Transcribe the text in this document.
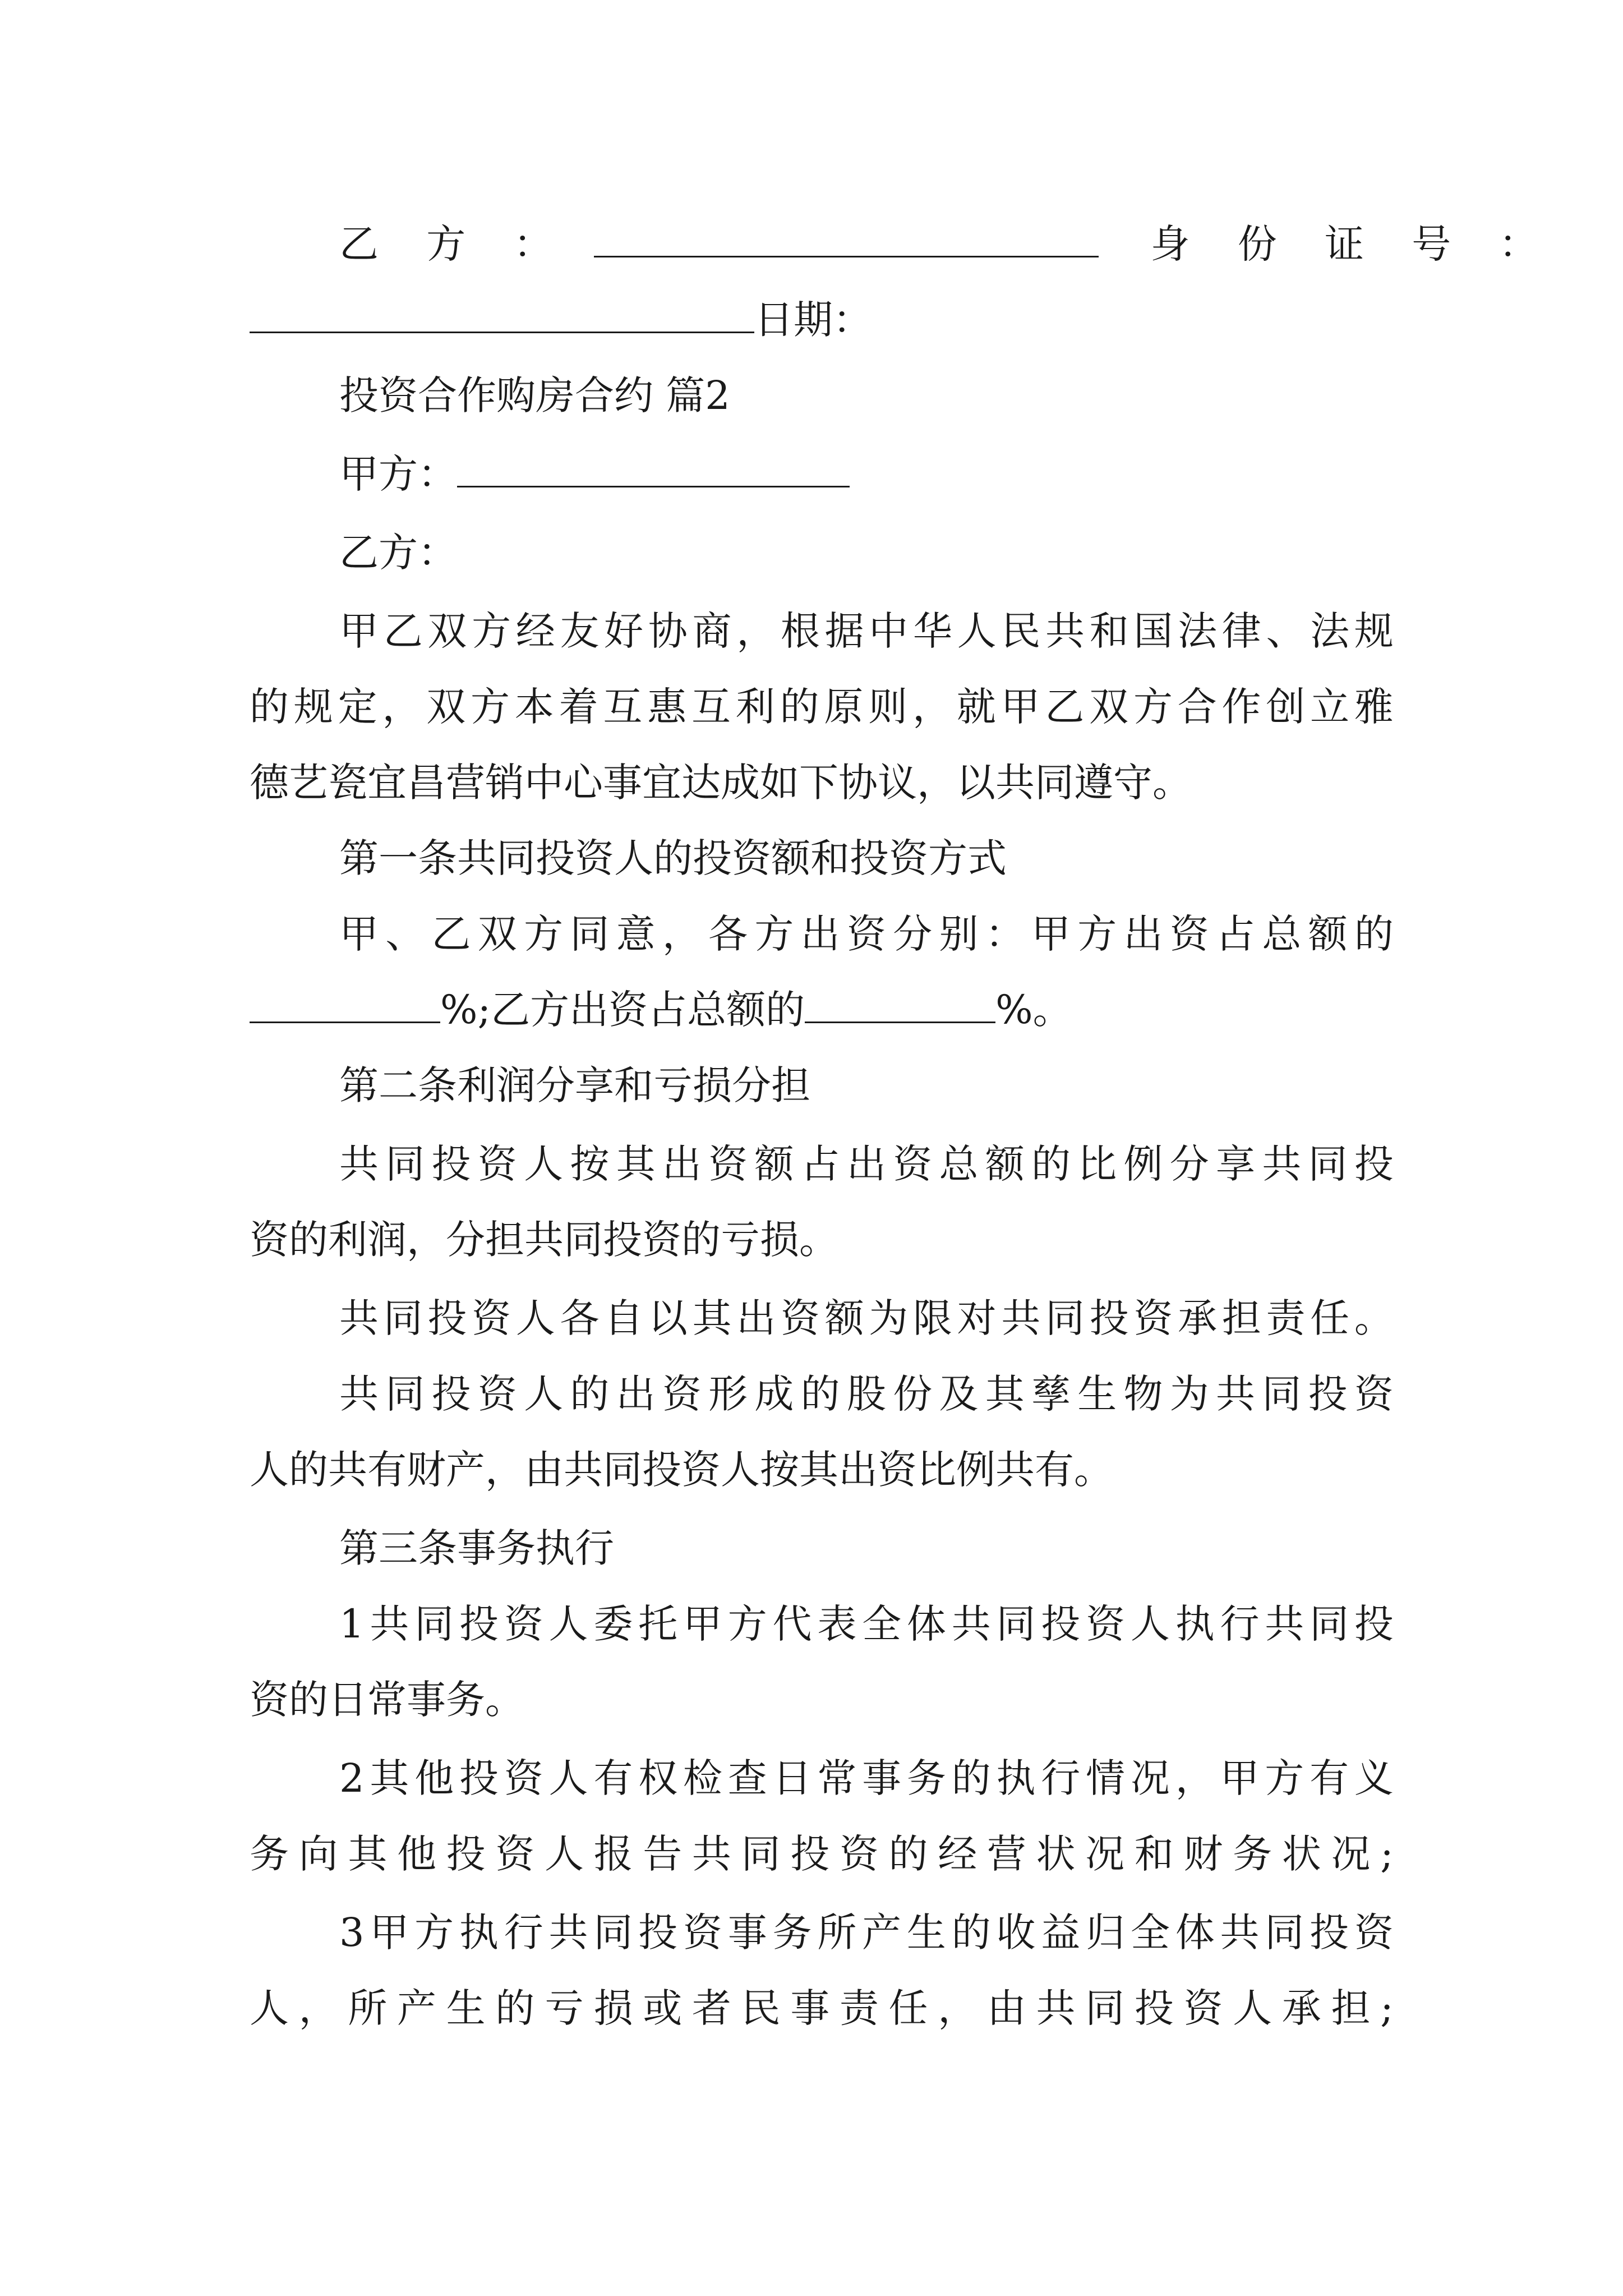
乙 方 ：	身 份 证 号 ：
日期：
投资合作购房合约 篇2
甲方：
乙方：
甲 乙 双 方 经 友 好 协 商 ， 根 据 中 华 人 民 共 和 国 法 律 、 法 规
的 规 定 ， 双 方 本 着 互 惠 互 利 的 原 则 ， 就 甲 乙 双 方 合 作 创 立 雅
德艺瓷宜昌营销中心事宜达成如下协议，以共同遵守。
第一条共同投资人的投资额和投资方式
甲 、 乙 双 方 同 意 ， 各 方 出 资 分 别 ： 甲 方 出 资 占 总 额 的
%;乙方出资占总额的	%。
第二条利润分享和亏损分担
共 同 投 资 人 按 其 出 资 额 占 出 资 总 额 的 比 例 分 享 共 同 投
资的利润，分担共同投资的亏损。
共 同 投 资 人 各 自 以 其 出 资 额 为 限 对 共 同 投 资 承 担 责 任 。
共 同 投 资 人 的 出 资 形 成 的 股 份 及 其 孳 生 物 为 共 同 投 资
人的共有财产，由共同投资人按其出资比例共有。
第三条事务执行
1 共 同 投 资 人 委 托 甲 方 代 表 全 体 共 同 投 资 人 执 行 共 同 投
资的日常事务。
2 其 他 投 资 人 有 权 检 查 日 常 事 务 的 执 行 情 况 ， 甲 方 有 义
务 向 其 他 投 资 人 报 告 共 同 投 资 的 经 营 状 况 和 财 务 状 况 ;
3 甲 方 执 行 共 同 投 资 事 务 所 产 生 的 收 益 归 全 体 共 同 投 资
人 ， 所 产 生 的 亏 损 或 者 民 事 责 任 ， 由 共 同 投 资 人 承 担 ;
